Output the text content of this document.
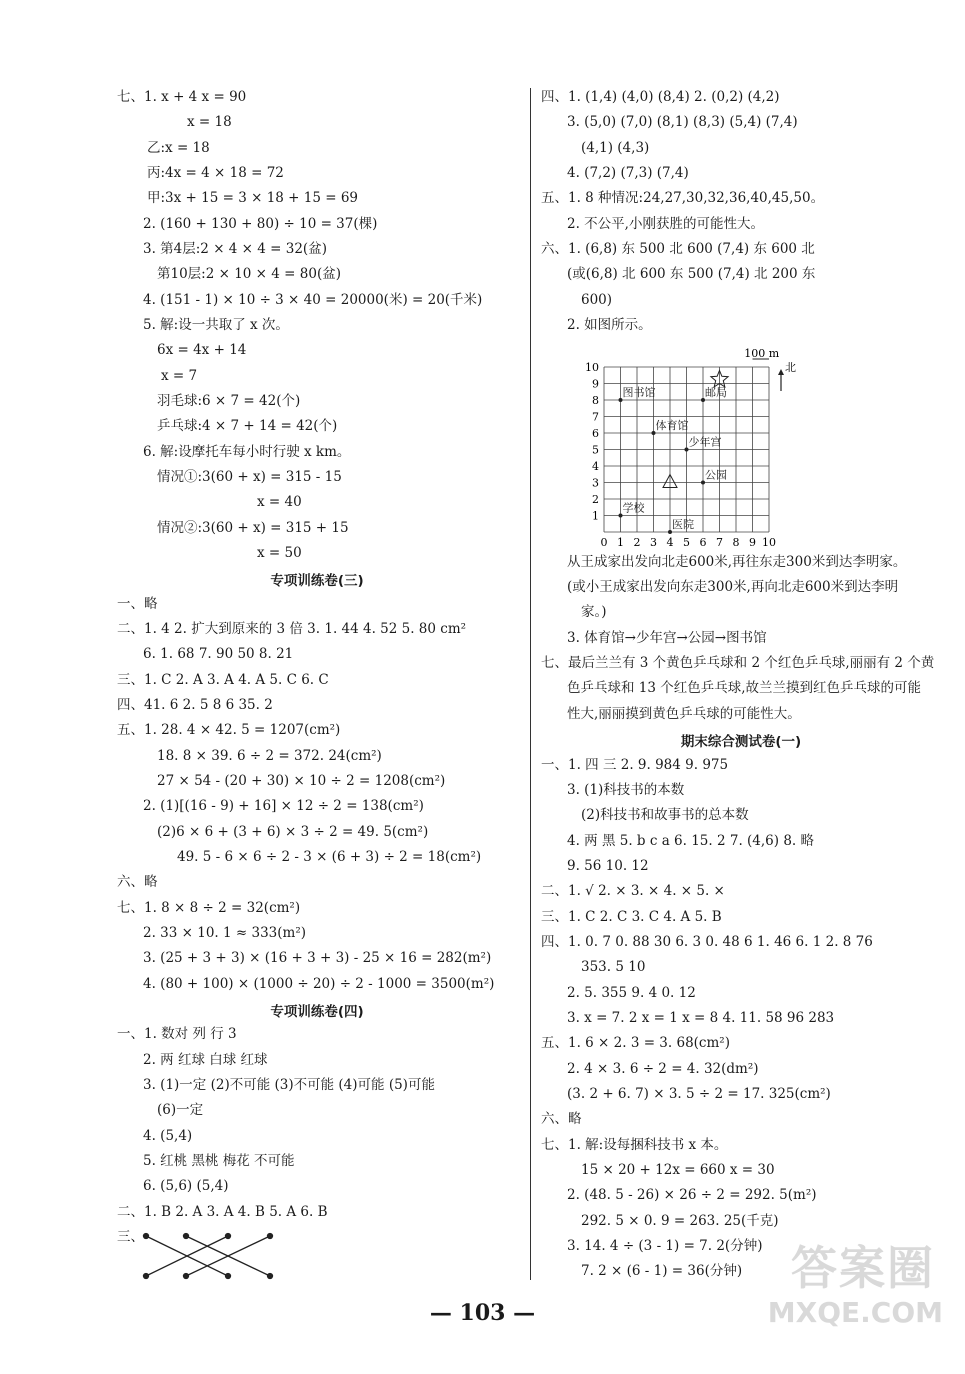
七、1. x + 4 x = 90
x = 18
乙:x = 18
丙:4x = 4 × 18 = 72
甲:3x + 15 = 3 × 18 + 15 = 69
2. (160 + 130 + 80) ÷ 10 = 37(棵)
3. 第4层:2 × 4 × 4 = 32(盆)
第10层:2 × 10 × 4 = 80(盆)
4. (151 - 1) × 10 ÷ 3 × 40 = 20000(米) = 20(千米)
5. 解:设一共取了 x 次。
6x = 4x + 14
x = 7
羽毛球:6 × 7 = 42(个)
乒乓球:4 × 7 + 14 = 42(个)
6. 解:设摩托车每小时行驶 x km。
情况①:3(60 + x) = 315 - 15
x = 40
情况②:3(60 + x) = 315 + 15
x = 50
一、略
二、1. 4 2. 扩大到原来的 3 倍 3. 1. 44 4. 52 5. 80 cm²
6. 1. 68 7. 90 50 8. 21
三、1. C 2. A 3. A 4. A 5. C 6. C
四、41. 6 2. 5 8 6 35. 2
五、1. 28. 4 × 42. 5 = 1207(cm²)
18. 8 × 39. 6 ÷ 2 = 372. 24(cm²)
27 × 54 - (20 + 30) × 10 ÷ 2 = 1208(cm²)
2. (1)[(16 - 9) + 16] × 12 ÷ 2 = 138(cm²)
(2)6 × 6 + (3 + 6) × 3 ÷ 2 = 49. 5(cm²)
49. 5 - 6 × 6 ÷ 2 - 3 × (6 + 3) ÷ 2 = 18(cm²)
六、略
七、1. 8 × 8 ÷ 2 = 32(cm²)
2. 33 × 10. 1 ≈ 333(m²)
3. (25 + 3 + 3) × (16 + 3 + 3) - 25 × 16 = 282(m²)
4. (80 + 100) × (1000 ÷ 20) ÷ 2 - 1000 = 3500(m²)
一、1. 数对 列 行 3
2. 两 红球 白球 红球
3. (1)一定 (2)不可能 (3)不可能 (4)可能 (5)可能
(6)一定
4. (5,4)
5. 红桃 黑桃 梅花 不可能
6. (5,6) (5,4)
二、1. B 2. A 3. A 4. B 5. A 6. B
三、
专项训练卷(三)
专项训练卷(四)
四、1. (1,4) (4,0) (8,4) 2. (0,2) (4,2)
3. (5,0) (7,0) (8,1) (8,3) (5,4) (7,4)
(4,1) (4,3)
4. (7,2) (7,3) (7,4)
五、1. 8 种情况:24,27,30,32,36,40,45,50。
2. 不公平,小刚获胜的可能性大。
六、1. (6,8) 东 500 北 600 (7,4) 东 600 北
(或(6,8) 北 600 东 500 (7,4) 北 200 东
600)
2. 如图所示。
从王成家出发向北走600米,再往东走300米到达李明家。
(或小王成家出发向东走300米,再向北走600米到达李明
家。)
3. 体育馆→少年宫→公园→图书馆
七、最后兰兰有 3 个黄色乒乓球和 2 个红色乒乓球,丽丽有 2 个黄
色乒乓球和 13 个红色乒乓球,故兰兰摸到红色乒乓球的可能
性大,丽丽摸到黄色乒乓球的可能性大。
一、1. 四 三 2. 9. 984 9. 975
3. (1)科技书的本数
(2)科技书和故事书的总本数
4. 两 黑 5. b c a 6. 15. 2 7. (4,6) 8. 略
9. 56 10. 12
二、1. √ 2. × 3. × 4. × 5. ×
三、1. C 2. C 3. C 4. A 5. B
四、1. 0. 7 0. 88 30 6. 3 0. 48 6 1. 46 6. 1 2. 8 76
353. 5 10
2. 5. 355 9. 4 0. 12
3. x = 7. 2 x = 1 x = 8 4. 11. 58 96 283
五、1. 6 × 2. 3 = 3. 68(cm²)
2. 4 × 3. 6 ÷ 2 = 4. 32(dm²)
(3. 2 + 6. 7) × 3. 5 ÷ 2 = 17. 325(cm²)
六、略
七、1. 解:设每捆科技书 x 本。
15 × 20 + 12x = 660 x = 30
2. (48. 5 - 26) × 26 ÷ 2 = 292. 5(m²)
292. 5 × 0. 9 = 263. 25(千克)
3. 14. 4 ÷ (3 - 1) = 7. 2(分钟)
7. 2 × (6 - 1) = 36(分钟)
期末综合测试卷(一)
0 1 2 3 4 5 6 7 8 9 10
1
2
3
4
5
6
7
8
9
10
图书馆	邮局
体育馆
少年宫
公园
学校
医院
100 m
北
— 103 —
答案圈
MXQE.COM
